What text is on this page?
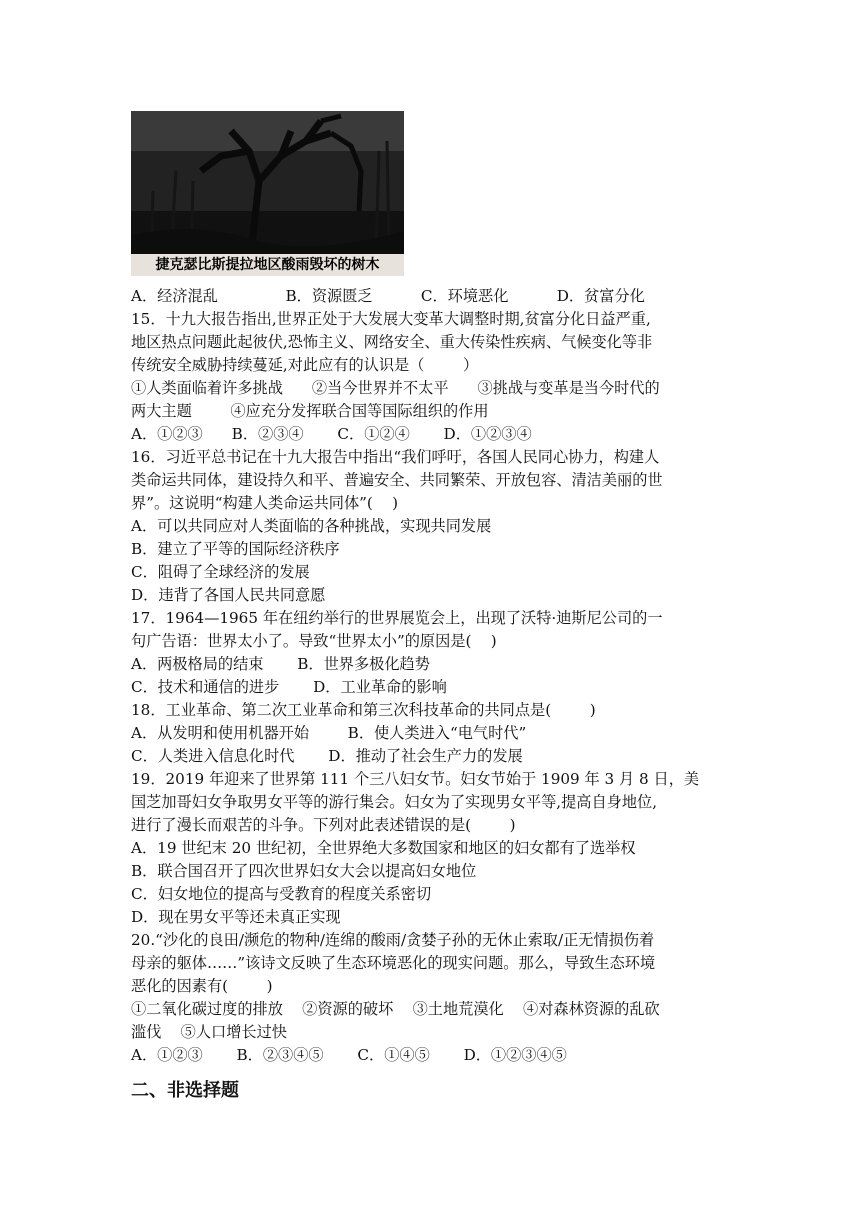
捷克瑟比斯提拉地区酸雨毁坏的树木
A．经济混乱              B．资源匮乏          C．环境恶化          D．贫富分化
15．十九大报告指出,世界正处于大发展大变革大调整时期,贫富分化日益严重,
地区热点问题此起彼伏,恐怖主义、网络安全、重大传染性疾病、气候变化等非
传统安全威胁持续蔓延,对此应有的认识是（        ）
①人类面临着许多挑战      ②当今世界并不太平      ③挑战与变革是当今时代的
两大主题        ④应充分发挥联合国等国际组织的作用
A．①②③      B．②③④       C．①②④       D．①②③④
16．习近平总书记在十九大报告中指出“我们呼吁，各国人民同心协力，构建人
类命运共同体，建设持久和平、普遍安全、共同繁荣、开放包容、清洁美丽的世
界”。这说明“构建人类命运共同体”(    )
A．可以共同应对人类面临的各种挑战，实现共同发展
B．建立了平等的国际经济秩序
C．阻碍了全球经济的发展
D．违背了各国人民共同意愿
17．1964—1965 年在纽约举行的世界展览会上，出现了沃特·迪斯尼公司的一
句广告语：世界太小了。导致“世界太小”的原因是(    )
A．两极格局的结束       B．世界多极化趋势
C．技术和通信的进步       D．工业革命的影响
18．工业革命、第二次工业革命和第三次科技革命的共同点是(        )
A．从发明和使用机器开始        B．使人类进入“电气时代”
C．人类进入信息化时代       D．推动了社会生产力的发展
19．2019 年迎来了世界第 111 个三八妇女节。妇女节始于 1909 年 3 月 8 日，美
国芝加哥妇女争取男女平等的游行集会。妇女为了实现男女平等,提高自身地位,
进行了漫长而艰苦的斗争。下列对此表述错误的是(        )
A．19 世纪末 20 世纪初，全世界绝大多数国家和地区的妇女都有了选举权
B．联合国召开了四次世界妇女大会以提高妇女地位
C．妇女地位的提高与受教育的程度关系密切
D．现在男女平等还未真正实现
20.“沙化的良田/濒危的物种/连绵的酸雨/贪婪子孙的无休止索取/正无情损伤着
母亲的躯体……”该诗文反映了生态环境恶化的现实问题。那么，导致生态环境
恶化的因素有(        )
①二氧化碳过度的排放    ②资源的破坏    ③土地荒漠化    ④对森林资源的乱砍
滥伐    ⑤人口增长过快
A．①②③       B．②③④⑤       C．①④⑤       D．①②③④⑤
二、非选择题
